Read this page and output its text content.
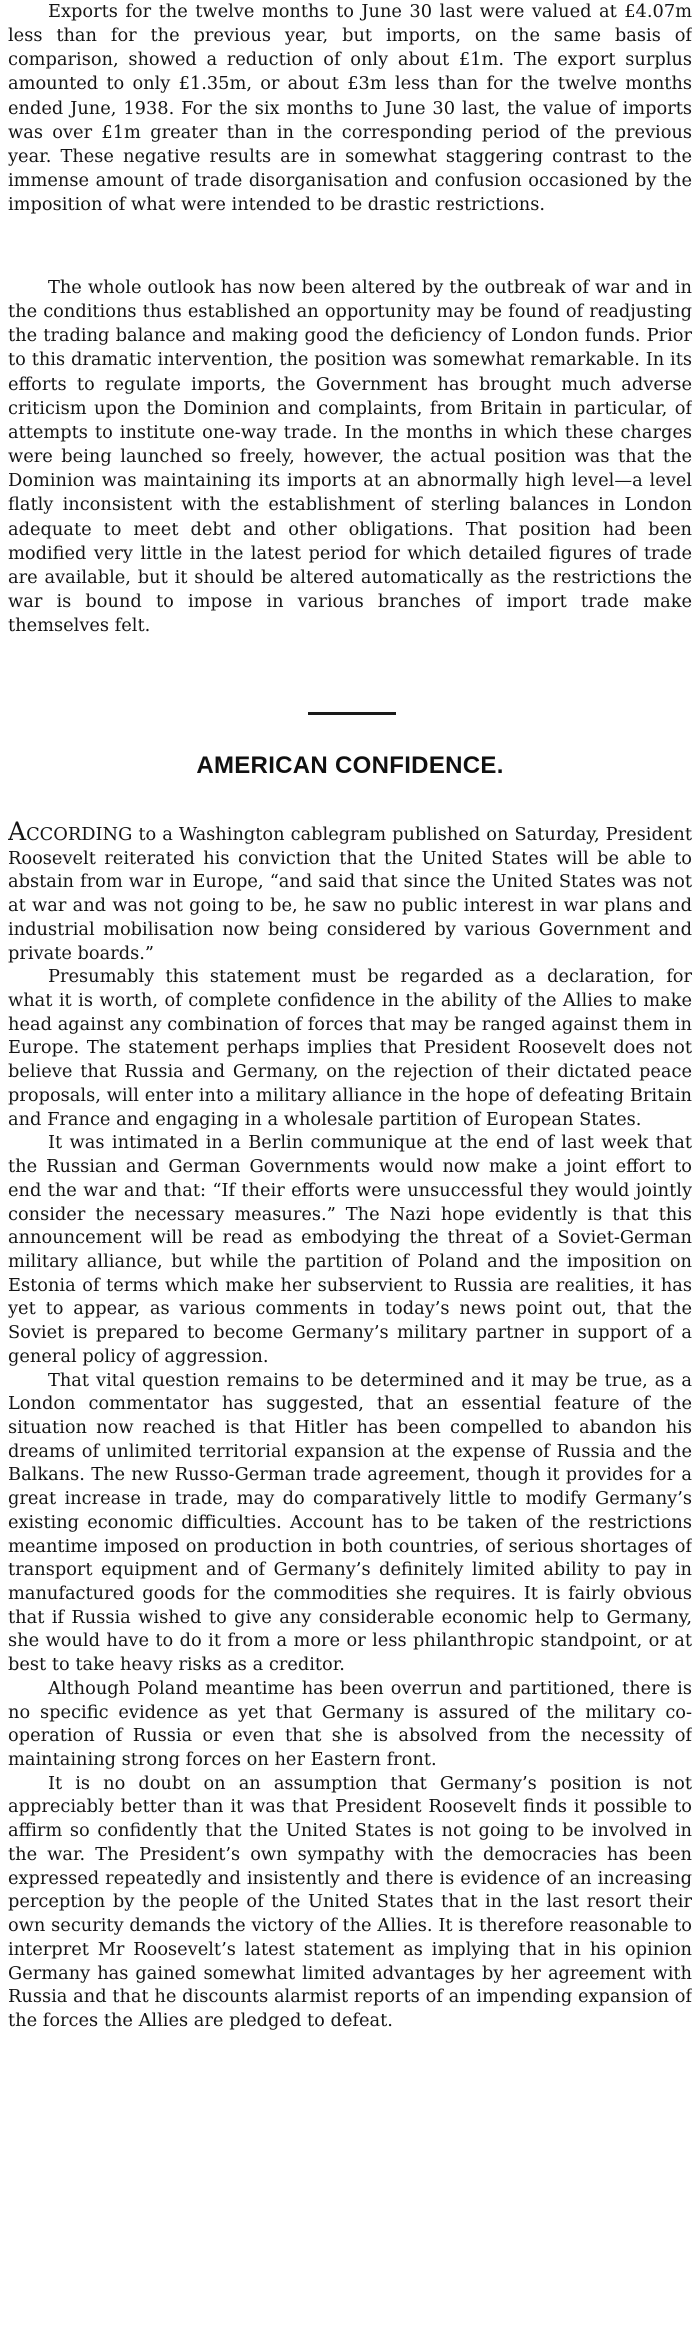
Exports for the twelve months to June 30 last were valued at £4.07m less than for the previous year, but imports, on the same basis of comparison, showed a reduction of only about £1m. The export surplus amounted to only £1.35m, or about £3m less than for the twelve months ended June, 1938. For the six months to June 30 last, the value of imports was over £1m greater than in the corresponding period of the previous year. These negative results are in somewhat staggering contrast to the immense amount of trade disorganisation and confusion occasioned by the imposition of what were intended to be drastic restrictions.

The whole outlook has now been altered by the outbreak of war and in the conditions thus established an opportunity may be found of readjusting the trading balance and making good the deficiency of London funds. Prior to this dramatic intervention, the position was somewhat remarkable. In its efforts to regulate imports, the Government has brought much adverse criticism upon the Dominion and complaints, from Britain in particular, of attempts to institute one-way trade. In the months in which these charges were being launched so freely, however, the actual position was that the Dominion was maintaining its imports at an abnormally high level—a level flatly inconsistent with the establishment of sterling balances in London adequate to meet debt and other obligations. That position had been modified very little in the latest period for which detailed figures of trade are available, but it should be altered automatically as the restrictions the war is bound to impose in various branches of import trade make themselves felt.

AMERICAN CONFIDENCE.

ACCORDING to a Washington cablegram published on Saturday, President Roosevelt reiterated his conviction that the United States will be able to abstain from war in Europe, “and said that since the United States was not at war and was not going to be, he saw no public interest in war plans and industrial mobilisation now being considered by various Government and private boards.”

Presumably this statement must be regarded as a declaration, for what it is worth, of complete confidence in the ability of the Allies to make head against any combination of forces that may be ranged against them in Europe. The statement perhaps implies that President Roosevelt does not believe that Russia and Germany, on the rejection of their dictated peace proposals, will enter into a military alliance in the hope of defeating Britain and France and engaging in a wholesale partition of European States.

It was intimated in a Berlin communique at the end of last week that the Russian and German Governments would now make a joint effort to end the war and that: “If their efforts were unsuccessful they would jointly consider the necessary measures.” The Nazi hope evidently is that this announcement will be read as embodying the threat of a Soviet-German military alliance, but while the partition of Poland and the imposition on Estonia of terms which make her subservient to Russia are realities, it has yet to appear, as various comments in today’s news point out, that the Soviet is prepared to become Germany’s military partner in support of a general policy of aggression.

That vital question remains to be determined and it may be true, as a London commentator has suggested, that an essential feature of the situation now reached is that Hitler has been compelled to abandon his dreams of unlimited territorial expansion at the expense of Russia and the Balkans. The new Russo-German trade agreement, though it provides for a great increase in trade, may do comparatively little to modify Germany’s existing economic difficulties. Account has to be taken of the restrictions meantime imposed on production in both countries, of serious shortages of transport equipment and of Germany’s definitely limited ability to pay in manufactured goods for the commodities she requires. It is fairly obvious that if Russia wished to give any considerable economic help to Germany, she would have to do it from a more or less philanthropic standpoint, or at best to take heavy risks as a creditor.

Although Poland meantime has been overrun and partitioned, there is no specific evidence as yet that Germany is assured of the military co-operation of Russia or even that she is absolved from the necessity of maintaining strong forces on her Eastern front.

It is no doubt on an assumption that Germany’s position is not appreciably better than it was that President Roosevelt finds it possible to affirm so confidently that the United States is not going to be involved in the war. The President’s own sympathy with the democracies has been expressed repeatedly and insistently and there is evidence of an increasing perception by the people of the United States that in the last resort their own security demands the victory of the Allies. It is therefore reasonable to interpret Mr Roosevelt’s latest statement as implying that in his opinion Germany has gained somewhat limited advantages by her agreement with Russia and that he discounts alarmist reports of an impending expansion of the forces the Allies are pledged to defeat.
